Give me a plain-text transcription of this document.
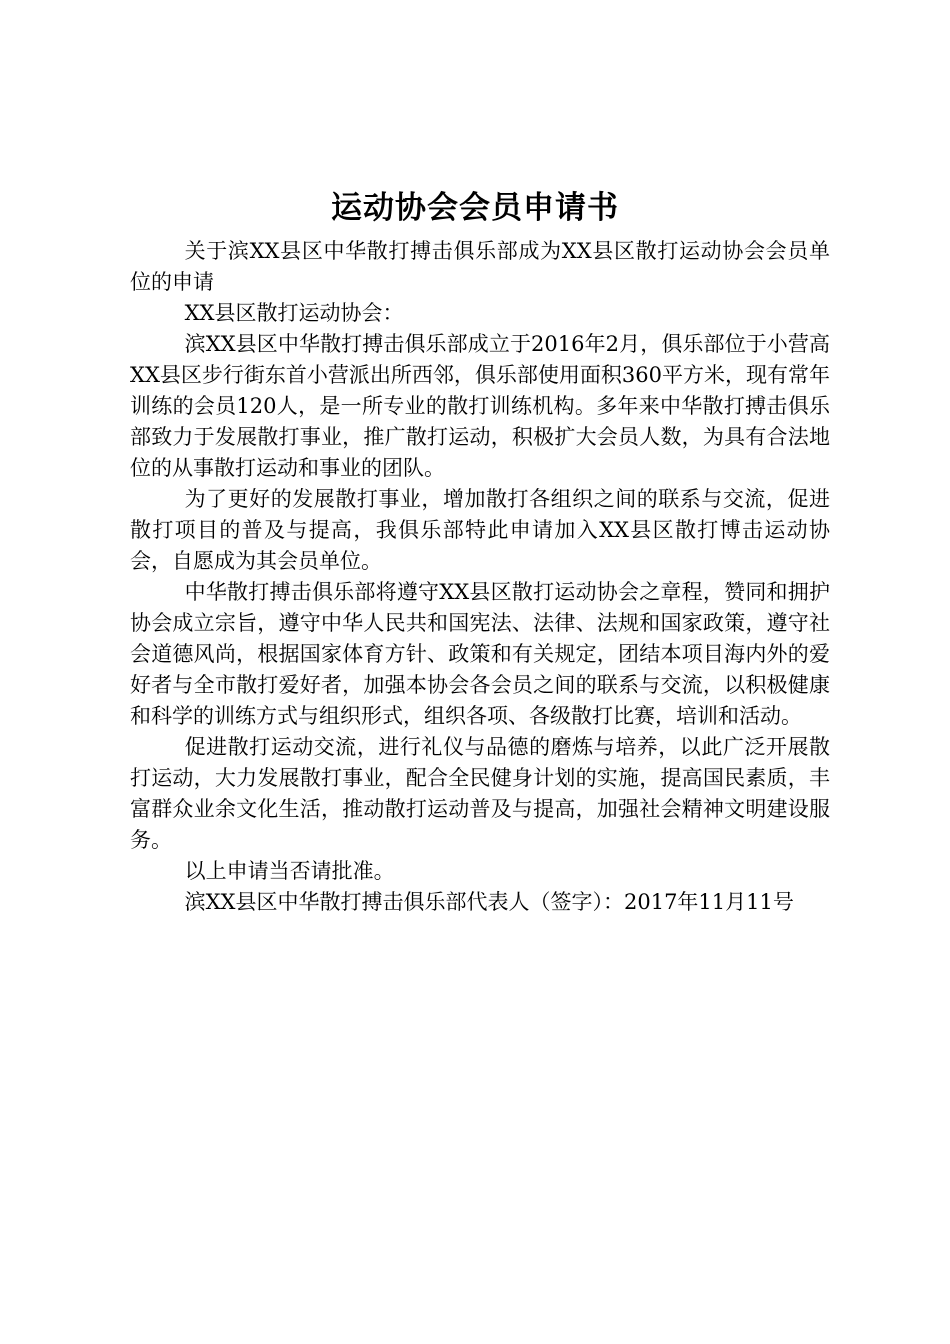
运动协会会员申请书

关于滨XX县区中华散打搏击俱乐部成为XX县区散打运动协会会员单位的申请

XX县区散打运动协会：

滨XX县区中华散打搏击俱乐部成立于2016年2月，俱乐部位于小营高XX县区步行街东首小营派出所西邻，俱乐部使用面积360平方米，现有常年训练的会员120人，是一所专业的散打训练机构。多年来中华散打搏击俱乐部致力于发展散打事业，推广散打运动，积极扩大会员人数，为具有合法地位的从事散打运动和事业的团队。

为了更好的发展散打事业，增加散打各组织之间的联系与交流，促进散打项目的普及与提高，我俱乐部特此申请加入XX县区散打博击运动协会，自愿成为其会员单位。

中华散打搏击俱乐部将遵守XX县区散打运动协会之章程，赞同和拥护协会成立宗旨，遵守中华人民共和国宪法、法律、法规和国家政策，遵守社会道德风尚，根据国家体育方针、政策和有关规定，团结本项目海内外的爱好者与全市散打爱好者，加强本协会各会员之间的联系与交流，以积极健康和科学的训练方式与组织形式，组织各项、各级散打比赛，培训和活动。

促进散打运动交流，进行礼仪与品德的磨炼与培养，以此广泛开展散打运动，大力发展散打事业，配合全民健身计划的实施，提高国民素质，丰富群众业余文化生活，推动散打运动普及与提高，加强社会精神文明建设服务。

以上申请当否请批准。

滨XX县区中华散打搏击俱乐部代表人（签字）：2017年11月11号
